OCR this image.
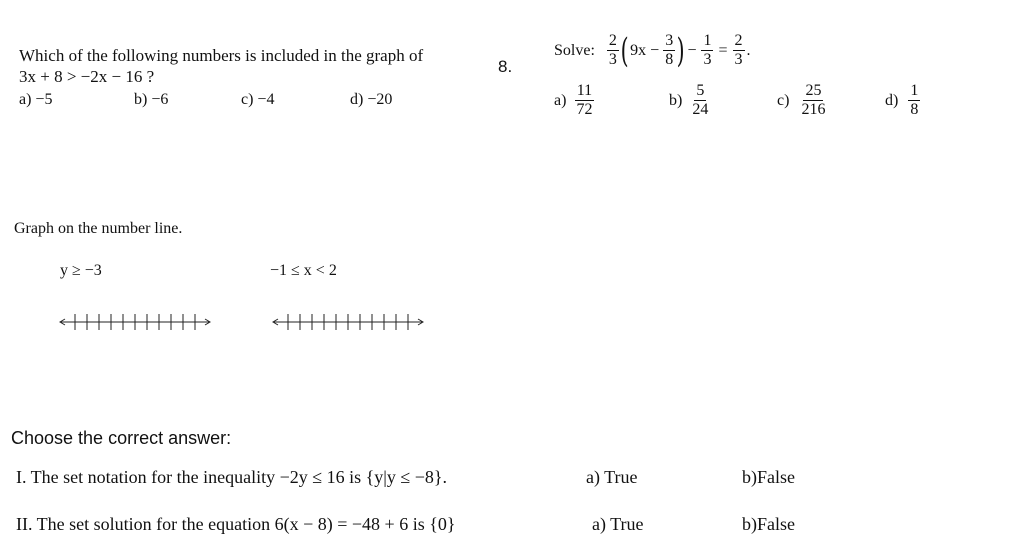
Which of the following numbers is included in the graph of
3x + 8 > −2x − 16 ?
a) −5	b) −6	c) −4	d) −20
8.
Solve: $\frac{2}{3}$ ( $9x - \frac{3}{8}$ ) − $\frac{1}{3} = \frac{2}{3}$ .
$a) \frac{11}{72}$	$b) \frac{5}{24}$	$c) \frac{25}{216}$	$d) \frac{1}{8}$
Graph on the number line.
y ≥ −3	−1 ≤ x < 2
Choose the correct answer:
I. The set notation for the inequality −2y ≤ 16 is {y|y ≤ −8}.	a) True	b)False
II. The set solution for the equation 6(x − 8) = −48 + 6 is {0}	a) True	b)False
